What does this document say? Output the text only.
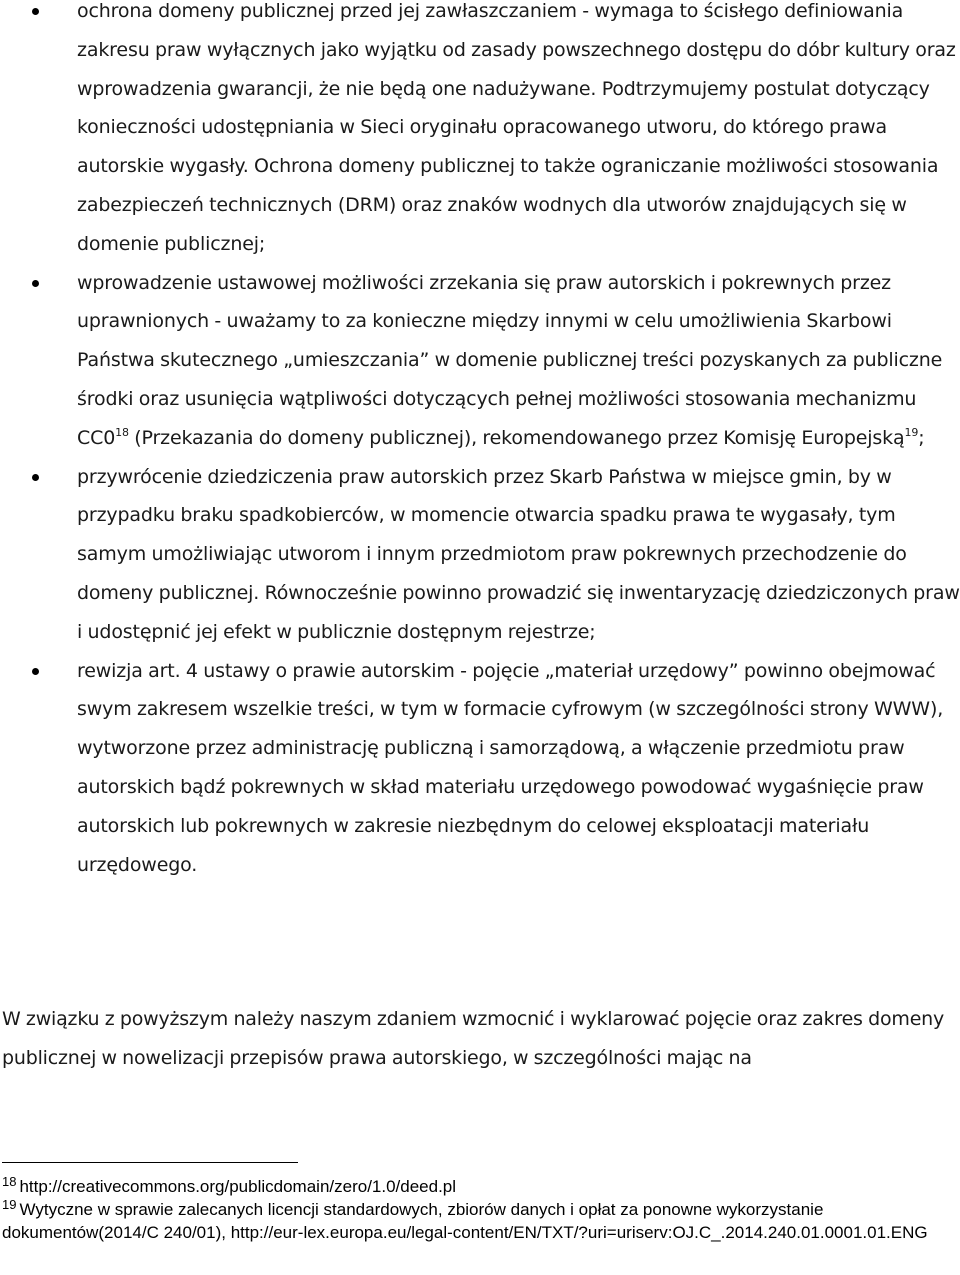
ochrona domeny publicznej przed jej zawłaszczaniem - wymaga to ścisłego definiowania zakresu praw wyłącznych jako wyjątku od zasady powszechnego dostępu do dóbr kultury oraz wprowadzenia gwarancji, że nie będą one nadużywane. Podtrzymujemy postulat dotyczący konieczności udostępniania w Sieci oryginału opracowanego utworu, do którego prawa autorskie wygasły. Ochrona domeny publicznej to także ograniczanie możliwości stosowania zabezpieczeń technicznych (DRM) oraz znaków wodnych dla utworów znajdujących się w domenie publicznej;
wprowadzenie ustawowej możliwości zrzekania się praw autorskich i pokrewnych przez uprawnionych - uważamy to za konieczne między innymi w celu umożliwienia Skarbowi Państwa skutecznego „umieszczania” w domenie publicznej treści pozyskanych za publiczne środki oraz usunięcia wątpliwości dotyczących pełnej możliwości stosowania mechanizmu $CC0^{18}$ (Przekazania do domeny publicznej), rekomendowanego przez Komisję Europejską$^{19}$;
przywrócenie dziedziczenia praw autorskich przez Skarb Państwa w miejsce gmin, by w przypadku braku spadkobierców, w momencie otwarcia spadku prawa te wygasały, tym samym umożliwiając utworom i innym przedmiotom praw pokrewnych przechodzenie do domeny publicznej. Równocześnie powinno prowadzić się inwentaryzację dziedziczonych praw i udostępnić jej efekt w publicznie dostępnym rejestrze;
rewizja art. 4 ustawy o prawie autorskim - pojęcie „materiał urzędowy” powinno obejmować swym zakresem wszelkie treści, w tym w formacie cyfrowym (w szczególności strony WWW), wytworzone przez administrację publiczną i samorządową, a włączenie przedmiotu praw autorskich bądź pokrewnych w skład materiału urzędowego powodować wygaśnięcie praw autorskich lub pokrewnych w zakresie niezbędnym do celowej eksploatacji materiału urzędowego.

W związku z powyższym należy naszym zdaniem wzmocnić i wyklarować pojęcie oraz zakres domeny publicznej w nowelizacji przepisów prawa autorskiego, w szczególności mając na

$^{18}$ http://creativecommons.org/publicdomain/zero/1.0/deed.pl

$^{19}$ Wytyczne w sprawie zalecanych licencji standardowych, zbiorów danych i opłat za ponowne wykorzystanie dokumentów(2014/C 240/01), http://eur-lex.europa.eu/legal-content/EN/TXT/?uri=uriserv:OJ.C_.2014.240.01.0001.01.ENG
